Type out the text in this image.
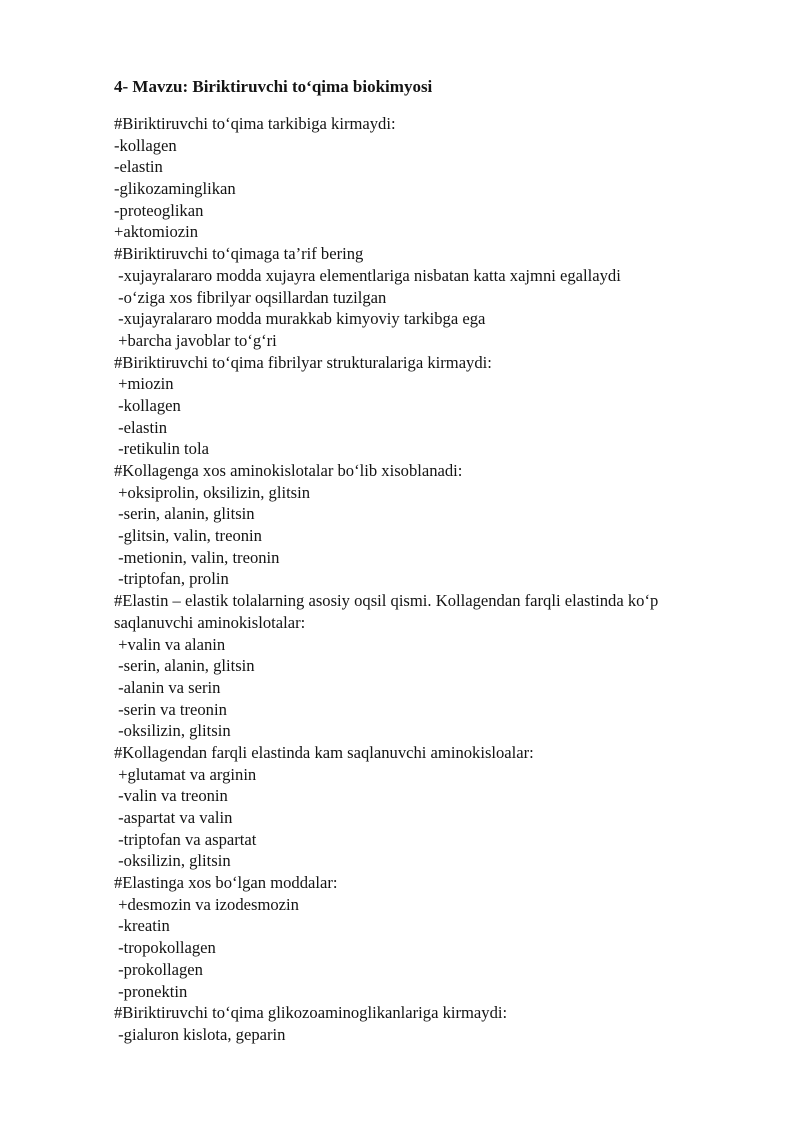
4- Mavzu: Biriktiruvchi to‘qima biokimyosi
#Biriktiruvchi to‘qima tarkibiga kirmaydi:
-kollagen
-elastin
-glikozaminglikan
-proteoglikan
+aktomiozin
#Biriktiruvchi to‘qimaga ta’rif bering
-xujayralararo modda xujayra elementlariga nisbatan katta xajmni egallaydi
-o‘ziga xos fibrilyar oqsillardan tuzilgan
-xujayralararo modda murakkab kimyoviy tarkibga ega
+barcha javoblar to‘g‘ri
#Biriktiruvchi to‘qima fibrilyar strukturalariga kirmaydi:
+miozin
-kollagen
-elastin
-retikulin tola
#Kollagenga xos aminokislotalar bo‘lib xisoblanadi:
+oksiprolin, oksilizin, glitsin
-serin, alanin, glitsin
-glitsin, valin, treonin
-metionin, valin, treonin
-triptofan, prolin
#Elastin – elastik tolalarning asosiy oqsil qismi. Kollagendan farqli elastinda ko‘p
saqlanuvchi aminokislotalar:
+valin va alanin
-serin, alanin, glitsin
-alanin va serin
-serin va treonin
-oksilizin, glitsin
#Kollagendan farqli elastinda kam saqlanuvchi aminokisloalar:
+glutamat va arginin
-valin va treonin
-aspartat va valin
-triptofan va aspartat
-oksilizin, glitsin
#Elastinga xos bo‘lgan moddalar:
+desmozin va izodesmozin
-kreatin
-tropokollagen
-prokollagen
-pronektin
#Biriktiruvchi to‘qima glikozoaminoglikanlariga kirmaydi:
-gialuron kislota, geparin
